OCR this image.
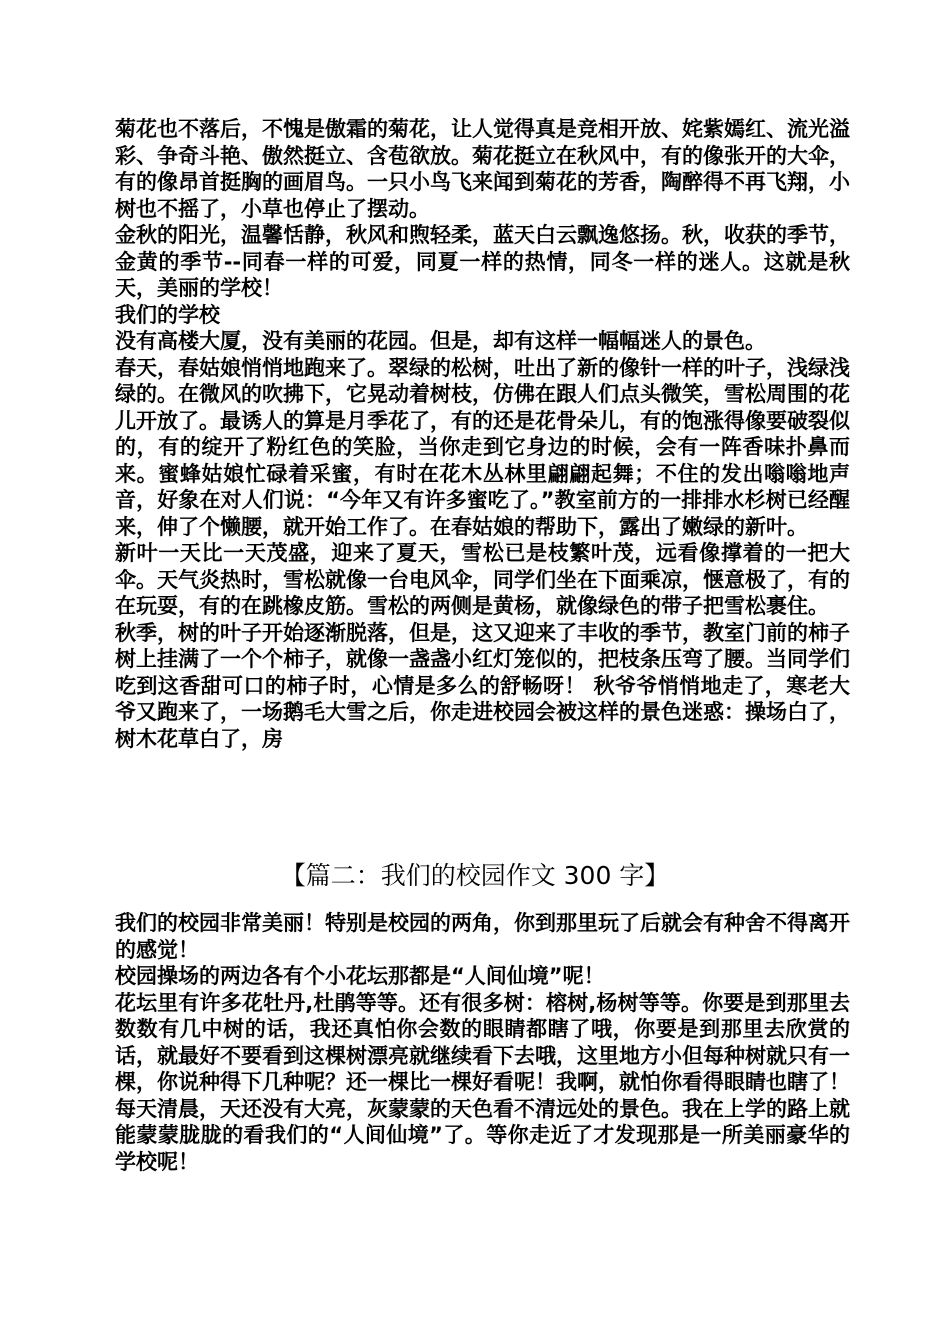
菊花也不落后，不愧是傲霜的菊花，让人觉得真是竞相开放、姹紫嫣红、流光溢彩、争奇斗艳、傲然挺立、含苞欲放。菊花挺立在秋风中，有的像张开的大伞，有的像昂首挺胸的画眉鸟。一只小鸟飞来闻到菊花的芳香，陶醉得不再飞翔，小树也不摇了，小草也停止了摆动。

金秋的阳光，温馨恬静，秋风和煦轻柔，蓝天白云飘逸悠扬。秋，收获的季节，金黄的季节--同春一样的可爱，同夏一样的热情，同冬一样的迷人。这就是秋天，美丽的学校！

我们的学校

没有高楼大厦，没有美丽的花园。但是，却有这样一幅幅迷人的景色。

春天，春姑娘悄悄地跑来了。翠绿的松树，吐出了新的像针一样的叶子，浅绿浅绿的。在微风的吹拂下，它晃动着树枝，仿佛在跟人们点头微笑，雪松周围的花儿开放了。最诱人的算是月季花了，有的还是花骨朵儿，有的饱涨得像要破裂似的，有的绽开了粉红色的笑脸，当你走到它身边的时候，会有一阵香味扑鼻而来。蜜蜂姑娘忙碌着采蜜，有时在花木丛林里翩翩起舞；不住的发出嗡嗡地声音，好象在对人们说：“今年又有许多蜜吃了。”教室前方的一排排水杉树已经醒来，伸了个懒腰，就开始工作了。在春姑娘的帮助下，露出了嫩绿的新叶。

新叶一天比一天茂盛，迎来了夏天，雪松已是枝繁叶茂，远看像撑着的一把大伞。天气炎热时，雪松就像一台电风伞，同学们坐在下面乘凉，惬意极了，有的在玩耍，有的在跳橡皮筋。雪松的两侧是黄杨，就像绿色的带子把雪松裹住。

秋季，树的叶子开始逐渐脱落，但是，这又迎来了丰收的季节，教室门前的柿子树上挂满了一个个柿子，就像一盏盏小红灯笼似的，把枝条压弯了腰。当同学们吃到这香甜可口的柿子时，心情是多么的舒畅呀！ 秋爷爷悄悄地走了，寒老大爷又跑来了，一场鹅毛大雪之后，你走进校园会被这样的景色迷惑：操场白了，树木花草白了，房

【篇二：我们的校园作文 300 字】

我们的校园非常美丽！特别是校园的两角，你到那里玩了后就会有种舍不得离开的感觉！

校园操场的两边各有个小花坛那都是“人间仙境”呢！

花坛里有许多花牡丹,杜鹃等等。还有很多树：榕树,杨树等等。你要是到那里去数数有几中树的话，我还真怕你会数的眼睛都瞎了哦，你要是到那里去欣赏的话，就最好不要看到这棵树漂亮就继续看下去哦，这里地方小但每种树就只有一棵，你说种得下几种呢？还一棵比一棵好看呢！我啊，就怕你看得眼睛也瞎了！

每天清晨，天还没有大亮，灰蒙蒙的天色看不清远处的景色。我在上学的路上就能蒙蒙胧胧的看我们的“人间仙境”了。等你走近了才发现那是一所美丽豪华的学校呢！
